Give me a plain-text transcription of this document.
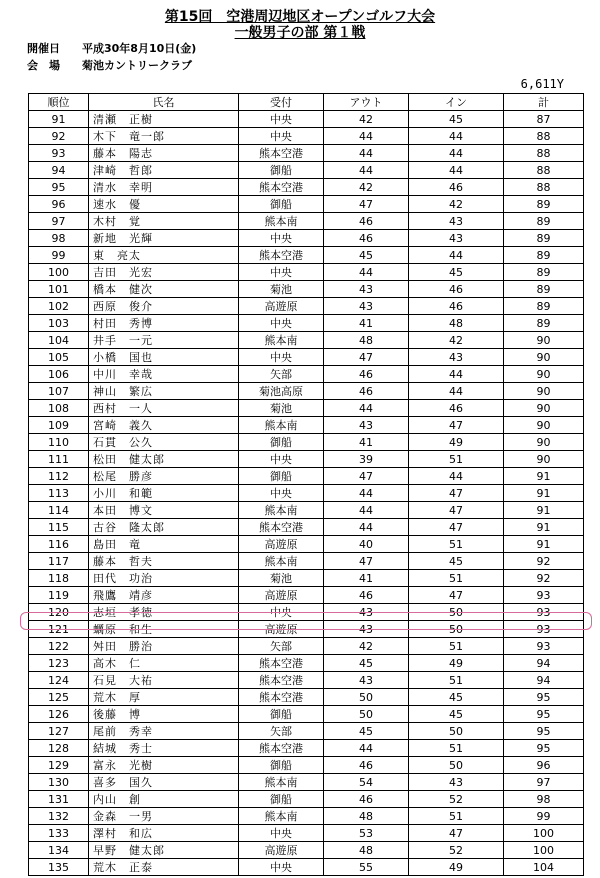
第15回　空港周辺地区オープンゴルフ大会
一般男子の部 第１戦
開催日 平成30年8月10日(金)
会　場 菊池カントリークラブ
6,611Y
順位	氏名	受付	アウト	イン	計
91	清瀬　正樹	中央	42	45	87
92	木下　竜一郎	中央	44	44	88
93	藤本　陽志	熊本空港	44	44	88
94	津崎　哲郎	御船	44	44	88
95	清水　幸明	熊本空港	42	46	88
96	速水　優	御船	47	42	89
97	木村　覚	熊本南	46	43	89
98	新地　光輝	中央	46	43	89
99	東　亮太	熊本空港	45	44	89
100	吉田　光宏	中央	44	45	89
101	橋本　健次	菊池	43	46	89
102	西原　俊介	高遊原	43	46	89
103	村田　秀博	中央	41	48	89
104	井手　一元	熊本南	48	42	90
105	小橋　国也	中央	47	43	90
106	中川　幸哉	矢部	46	44	90
107	神山　繁広	菊池高原	46	44	90
108	西村　一人	菊池	44	46	90
109	宮崎　義久	熊本南	43	47	90
110	石貫　公久	御船	41	49	90
111	松田　健太郎	中央	39	51	90
112	松尾　勝彦	御船	47	44	91
113	小川　和範	中央	44	47	91
114	本田　博文	熊本南	44	47	91
115	古谷　隆太郎	熊本空港	44	47	91
116	島田　竜	高遊原	40	51	91
117	藤本　哲夫	熊本南	47	45	92
118	田代　功治	菊池	41	51	92
119	飛鷹　靖彦	高遊原	46	47	93
120	志垣　孝徳	中央	43	50	93
121	蠣原　和生	高遊原	43	50	93
122	舛田　勝治	矢部	42	51	93
123	高木　仁	熊本空港	45	49	94
124	石見　大祐	熊本空港	43	51	94
125	荒木　厚	熊本空港	50	45	95
126	後藤　博	御船	50	45	95
127	尾前　秀幸	矢部	45	50	95
128	結城　秀士	熊本空港	44	51	95
129	富永　光樹	御船	46	50	96
130	喜多　国久	熊本南	54	43	97
131	内山　創	御船	46	52	98
132	金森　一男	熊本南	48	51	99
133	澤村　和広	中央	53	47	100
134	早野　健太郎	高遊原	48	52	100
135	荒木　正泰	中央	55	49	104
